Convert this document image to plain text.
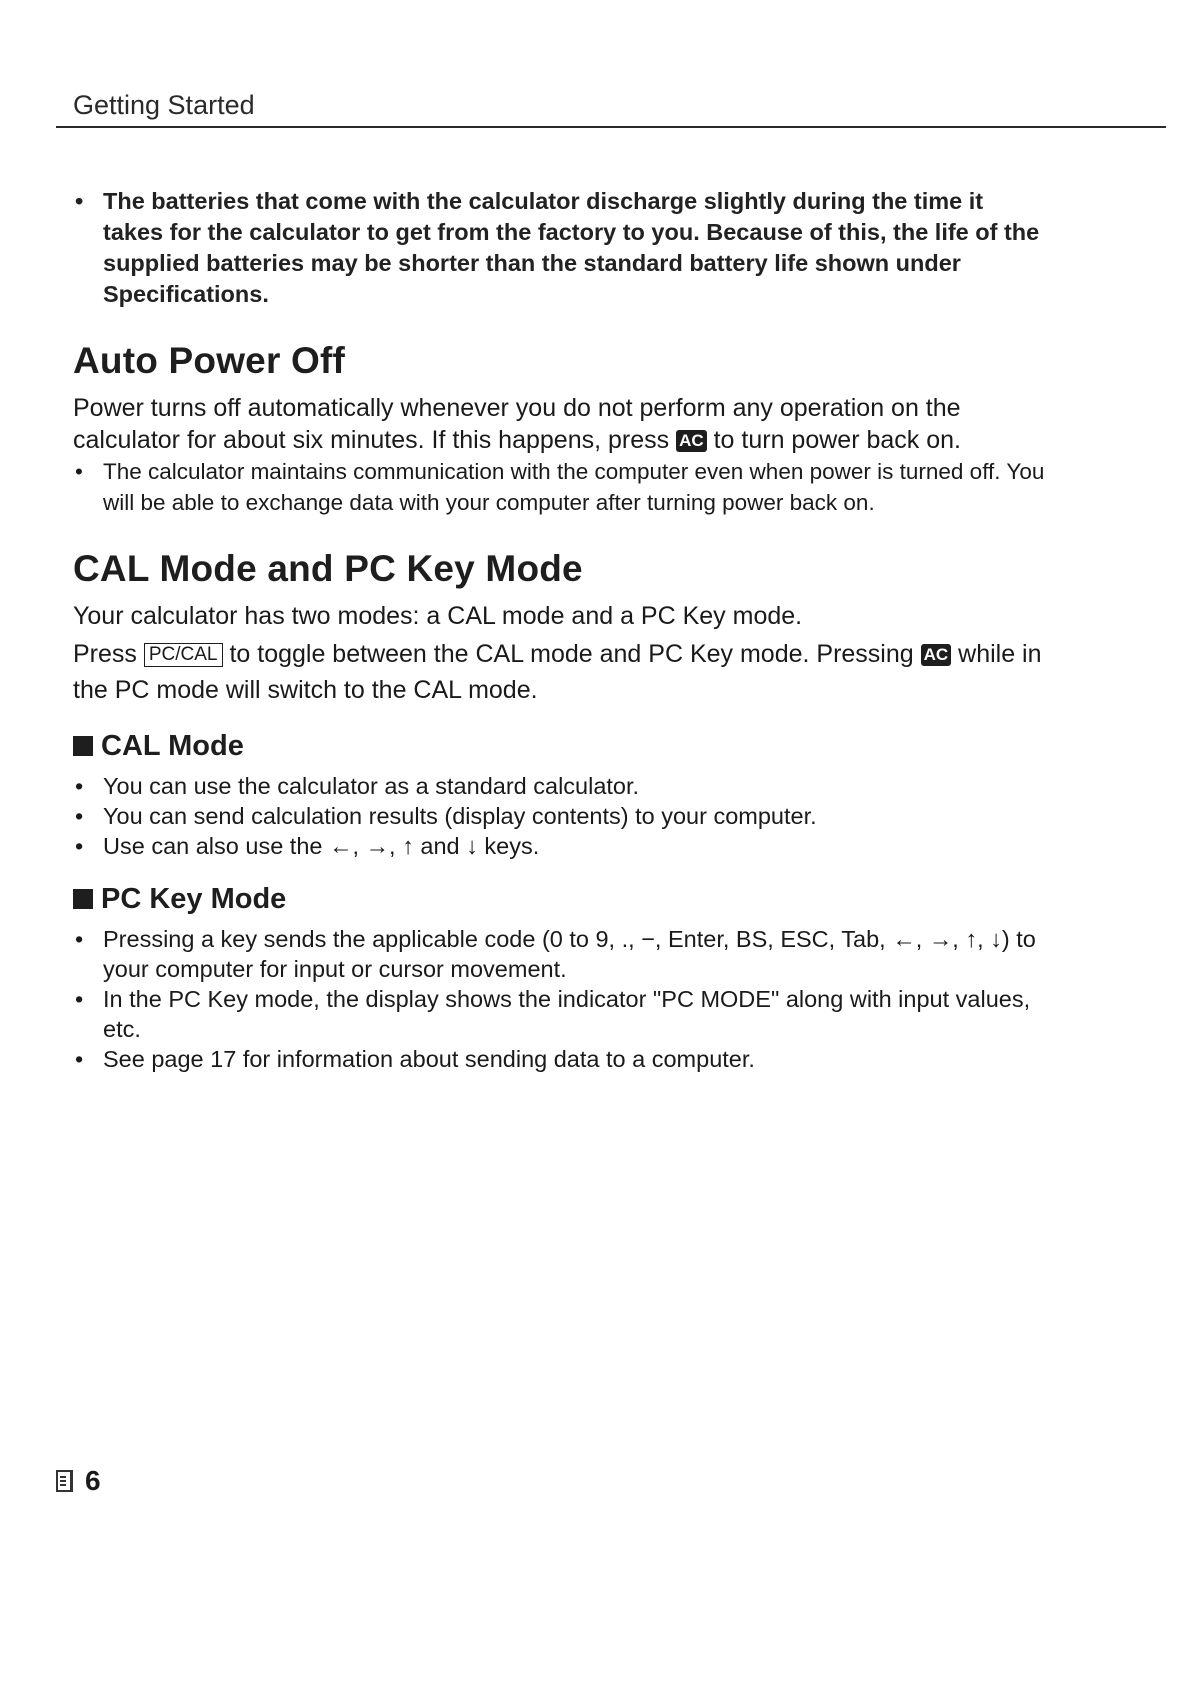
Getting Started
• The batteries that come with the calculator discharge slightly during the time it takes for the calculator to get from the factory to you. Because of this, the life of the supplied batteries may be shorter than the standard battery life shown under Specifications.
Auto Power Off

Power turns off automatically whenever you do not perform any operation on the calculator for about six minutes. If this happens, press AC to turn power back on.

• The calculator maintains communication with the computer even when power is turned off. You will be able to exchange data with your computer after turning power back on.
CAL Mode and PC Key Mode

Your calculator has two modes: a CAL mode and a PC Key mode.

Press PC/CAL to toggle between the CAL mode and PC Key mode. Pressing AC while in the PC mode will switch to the CAL mode.

CAL Mode
• You can use the calculator as a standard calculator.
• You can send calculation results (display contents) to your computer.
• Use can also use the ←, →, ↑ and ↓ keys.
PC Key Mode
• Pressing a key sends the applicable code (0 to 9, ., −, Enter, BS, ESC, Tab, ←, →, ↑, ↓) to your computer for input or cursor movement.
• In the PC Key mode, the display shows the indicator "PC MODE" along with input values, etc.
• See page 17 for information about sending data to a computer.
6
